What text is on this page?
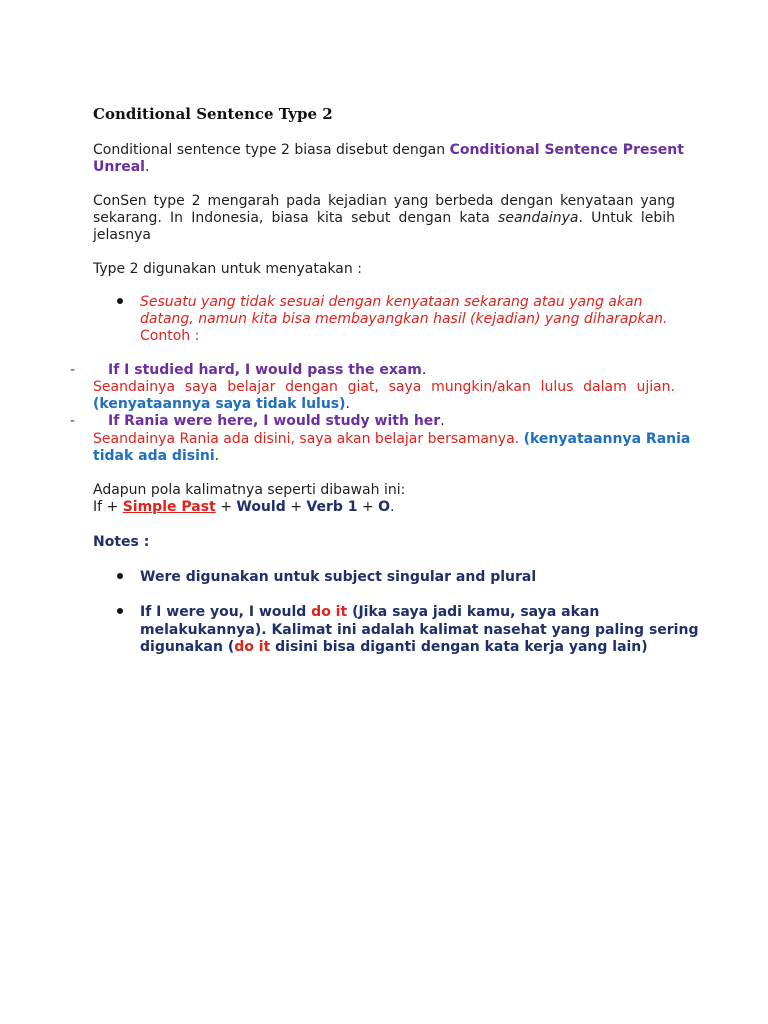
Conditional Sentence Type 2
Conditional sentence type 2 biasa disebut dengan Conditional Sentence Present
Unreal.
ConSen type 2 mengarah pada kejadian yang berbeda dengan kenyataan yang
sekarang. In Indonesia, biasa kita sebut dengan kata seandainya. Untuk lebih
jelasnya
Type 2 digunakan untuk menyatakan :
Sesuatu yang tidak sesuai dengan kenyataan sekarang atau yang akan
datang, namun kita bisa membayangkan hasil (kejadian) yang diharapkan.
Contoh :
- If I studied hard, I would pass the exam.
Seandainya saya belajar dengan giat, saya mungkin/akan lulus dalam ujian.
(kenyataannya saya tidak lulus).
- If Rania were here, I would study with her.
Seandainya Rania ada disini, saya akan belajar bersamanya. (kenyataannya Rania
tidak ada disini.
Adapun pola kalimatnya seperti dibawah ini:
If + Simple Past + Would + Verb 1 + O.
Notes :
Were digunakan untuk subject singular and plural
If I were you, I would do it (Jika saya jadi kamu, saya akan
melakukannya). Kalimat ini adalah kalimat nasehat yang paling sering
digunakan (do it disini bisa diganti dengan kata kerja yang lain)
